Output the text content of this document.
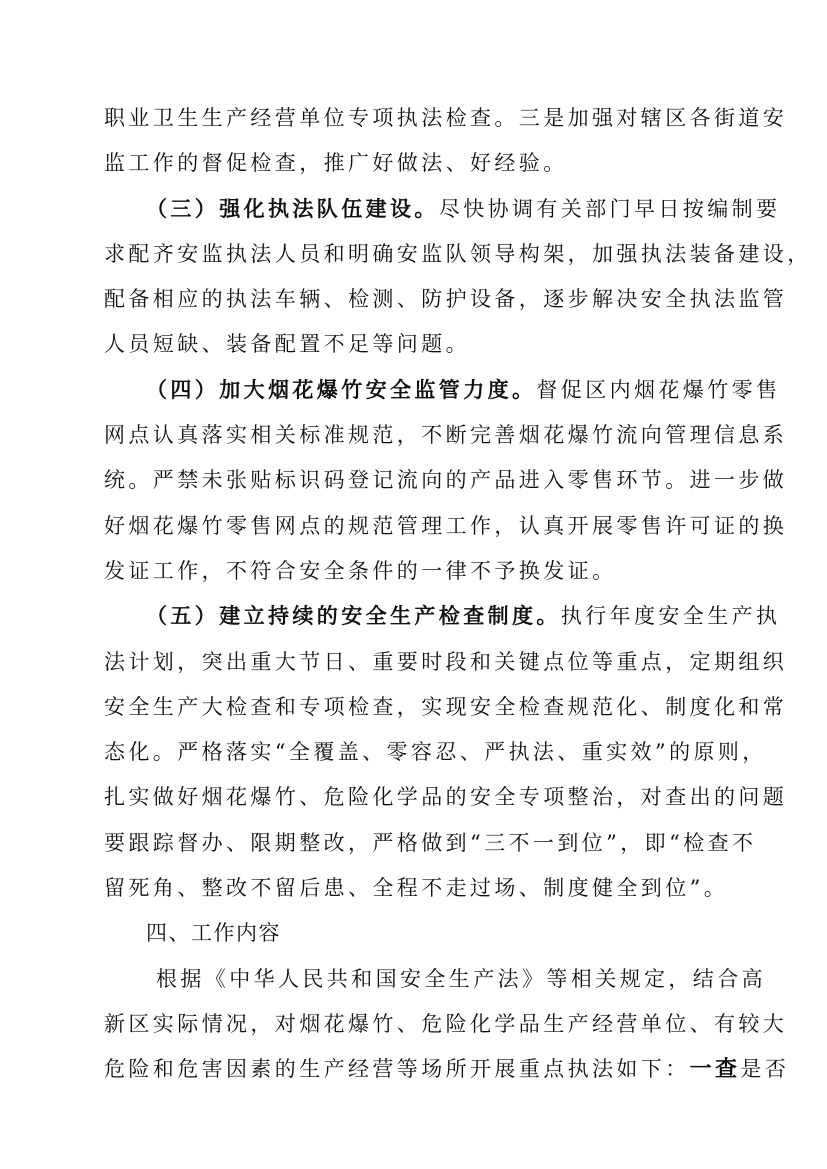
职业卫生生产经营单位专项执法检查。三是加强对辖区各街道安
监工作的督促检查，推广好做法、好经验。
（三）强化执法队伍建设。尽快协调有关部门早日按编制要
求配齐安监执法人员和明确安监队领导构架，加强执法装备建设，
配备相应的执法车辆、检测、防护设备，逐步解决安全执法监管
人员短缺、装备配置不足等问题。
（四）加大烟花爆竹安全监管力度。督促区内烟花爆竹零售
网点认真落实相关标准规范，不断完善烟花爆竹流向管理信息系
统。严禁未张贴标识码登记流向的产品进入零售环节。进一步做
好烟花爆竹零售网点的规范管理工作，认真开展零售许可证的换
发证工作，不符合安全条件的一律不予换发证。
（五）建立持续的安全生产检查制度。执行年度安全生产执
法计划，突出重大节日、重要时段和关键点位等重点，定期组织
安全生产大检查和专项检查，实现安全检查规范化、制度化和常
态化。严格落实“全覆盖、零容忍、严执法、重实效”的原则，
扎实做好烟花爆竹、危险化学品的安全专项整治，对查出的问题
要跟踪督办、限期整改，严格做到“三不一到位”，即“检查不
留死角、整改不留后患、全程不走过场、制度健全到位”。
四、工作内容
根据《中华人民共和国安全生产法》等相关规定，结合高
新区实际情况，对烟花爆竹、危险化学品生产经营单位、有较大
危险和危害因素的生产经营等场所开展重点执法如下：一查是否
